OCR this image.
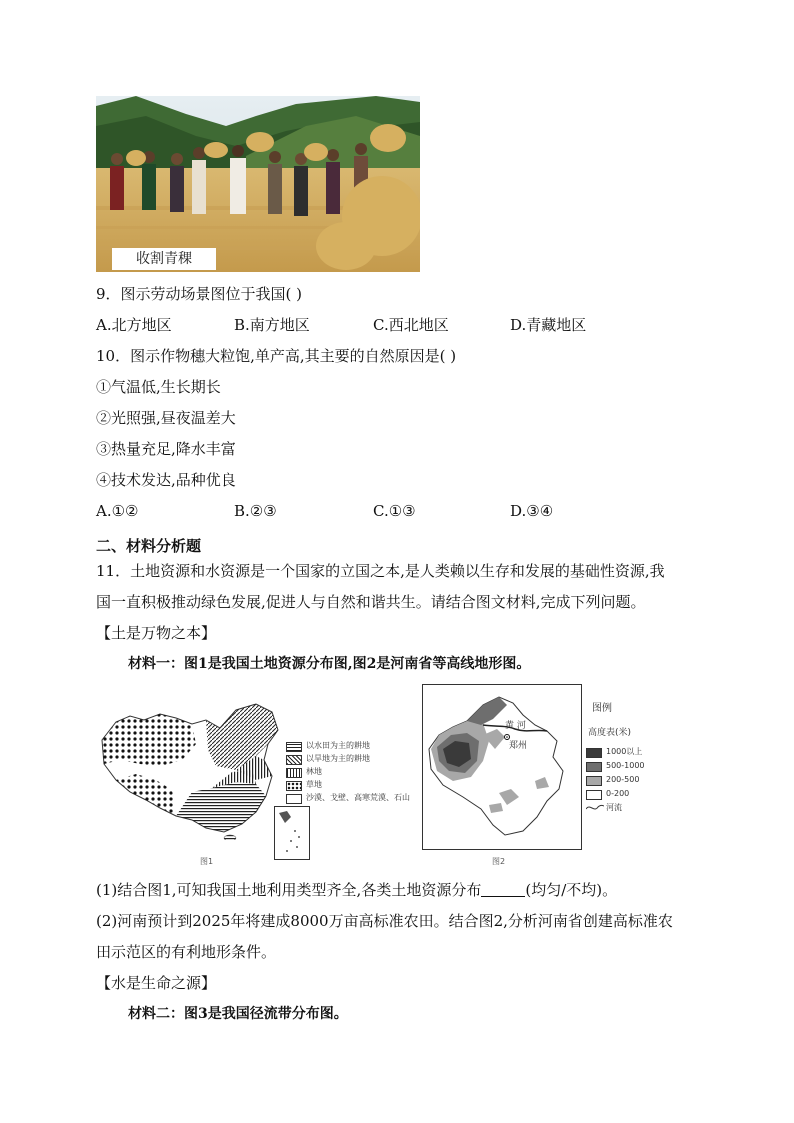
收割青稞
9．图示劳动场景图位于我国( )
A.北方地区	B.南方地区	C.西北地区	D.青藏地区
10．图示作物穗大粒饱,单产高,其主要的自然原因是( )
①气温低,生长期长
②光照强,昼夜温差大
③热量充足,降水丰富
④技术发达,品种优良
A.①②	B.②③	C.①③	D.③④
二、材料分析题
11．土地资源和水资源是一个国家的立国之本,是人类赖以生存和发展的基础性资源,我
国一直积极推动绿色发展,促进人与自然和谐共生。请结合图文材料,完成下列问题。
【土是万物之本】
材料一：图1是我国土地资源分布图,图2是河南省等高线地形图。
以水田为主的耕地
以旱地为主的耕地
林地
草地
沙漠、戈壁、高寒荒漠、石山
图1
黄 河
郑州
图例
高度表(米)
1000以上
500-1000
200-500
0-200
河流
图2
(1)结合图1,可知我国土地利用类型齐全,各类土地资源分布	(均匀/不均)。
(2)河南预计到2025年将建成8000万亩高标准农田。结合图2,分析河南省创建高标准农
田示范区的有利地形条件。
【水是生命之源】
材料二：图3是我国径流带分布图。
